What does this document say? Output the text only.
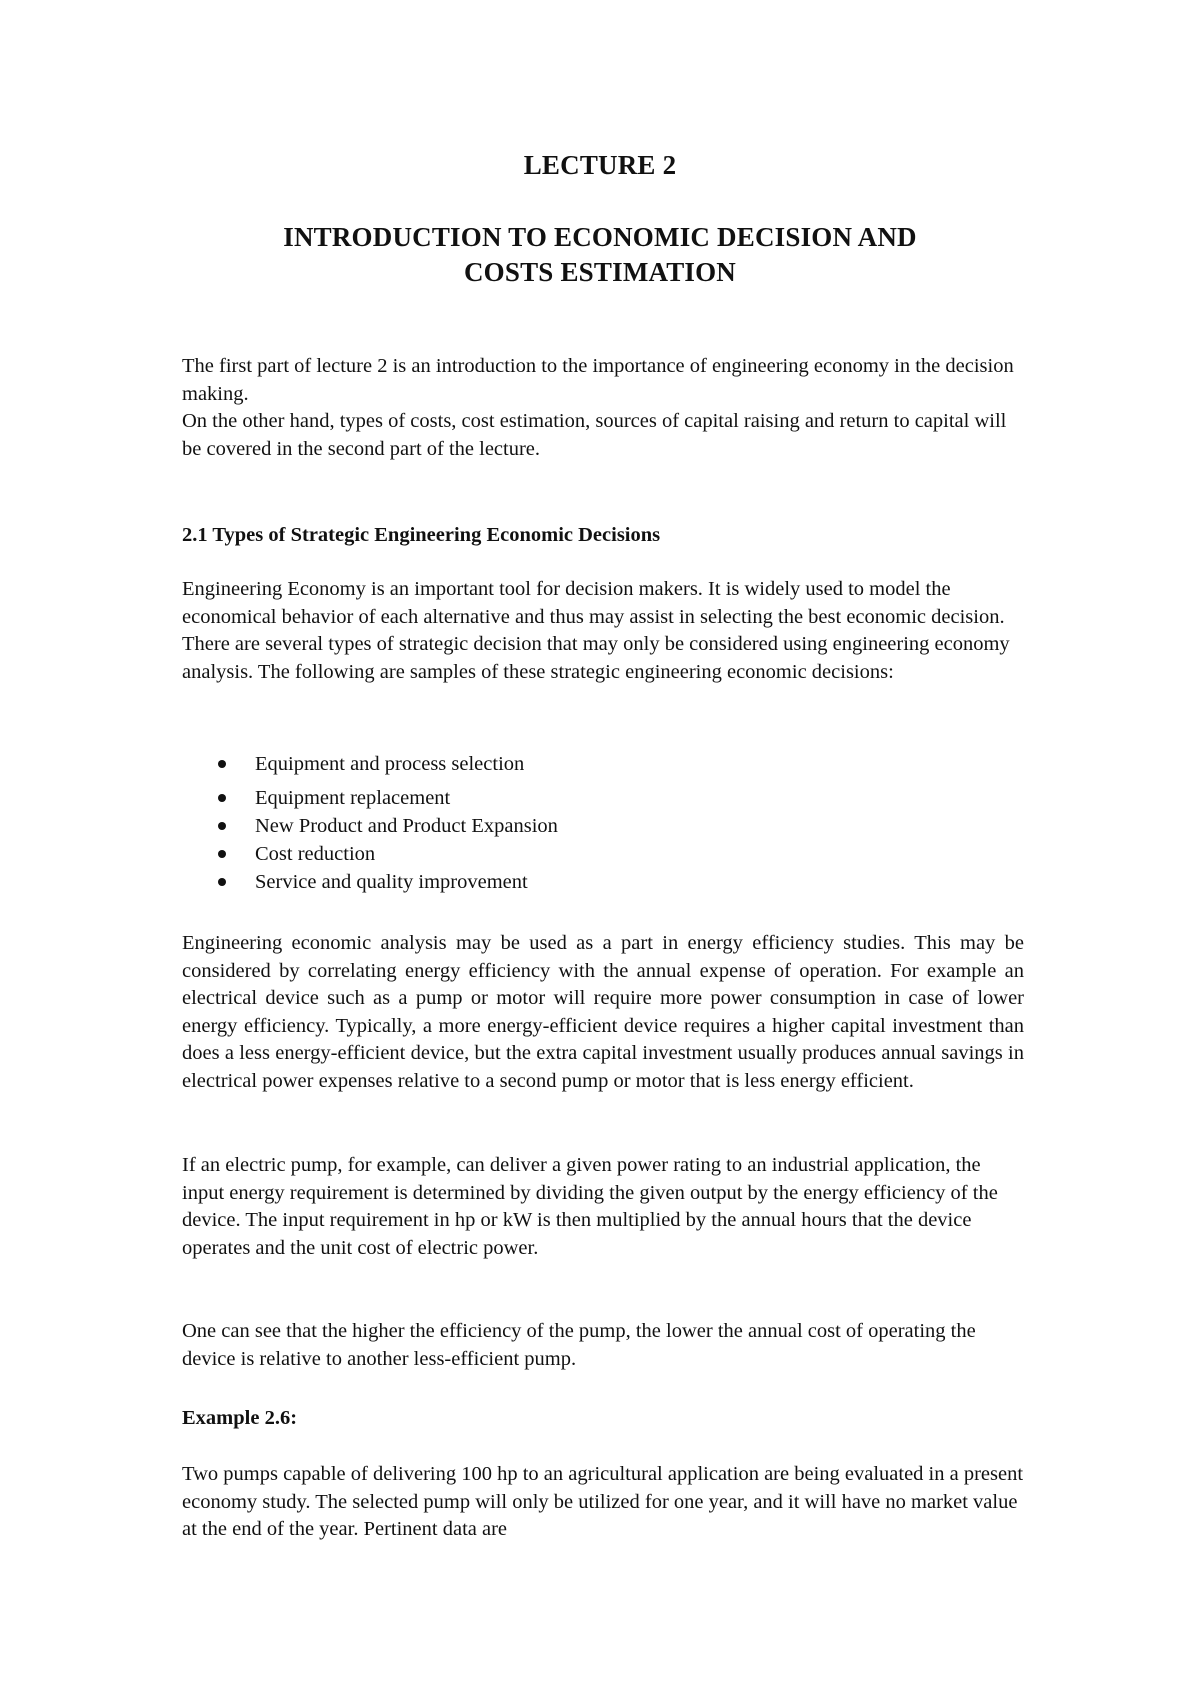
LECTURE 2
INTRODUCTION TO ECONOMIC DECISION AND
COSTS ESTIMATION

The first part of lecture 2 is an introduction to the importance of engineering economy in the decision making.

On the other hand, types of costs, cost estimation, sources of capital raising and return to capital will be covered in the second part of the lecture.

2.1 Types of Strategic Engineering Economic Decisions
Engineering Economy is an important tool for decision makers. It is widely used to model the economical behavior of each alternative and thus may assist in selecting the best economic decision. There are several types of strategic decision that may only be considered using engineering economy analysis. The following are samples of these strategic engineering economic decisions:
Equipment and process selection
Equipment replacement
New Product and Product Expansion
Cost reduction
Service and quality improvement
Engineering economic analysis may be used as a part in energy efficiency studies. This may be considered by correlating energy efficiency with the annual expense of operation. For example an electrical device such as a pump or motor will require more power consumption in case of lower energy efficiency. Typically, a more energy-efficient device requires a higher capital investment than does a less energy-efficient device, but the extra capital investment usually produces annual savings in electrical power expenses relative to a second pump or motor that is less energy efficient.
If an electric pump, for example, can deliver a given power rating to an industrial application, the input energy requirement is determined by dividing the given output by the energy efficiency of the device. The input requirement in hp or kW is then multiplied by the annual hours that the device operates and the unit cost of electric power.
One can see that the higher the efficiency of the pump, the lower the annual cost of operating the device is relative to another less-efficient pump.
Example 2.6:
Two pumps capable of delivering 100 hp to an agricultural application are being evaluated in a present economy study. The selected pump will only be utilized for one year, and it will have no market value at the end of the year. Pertinent data are
